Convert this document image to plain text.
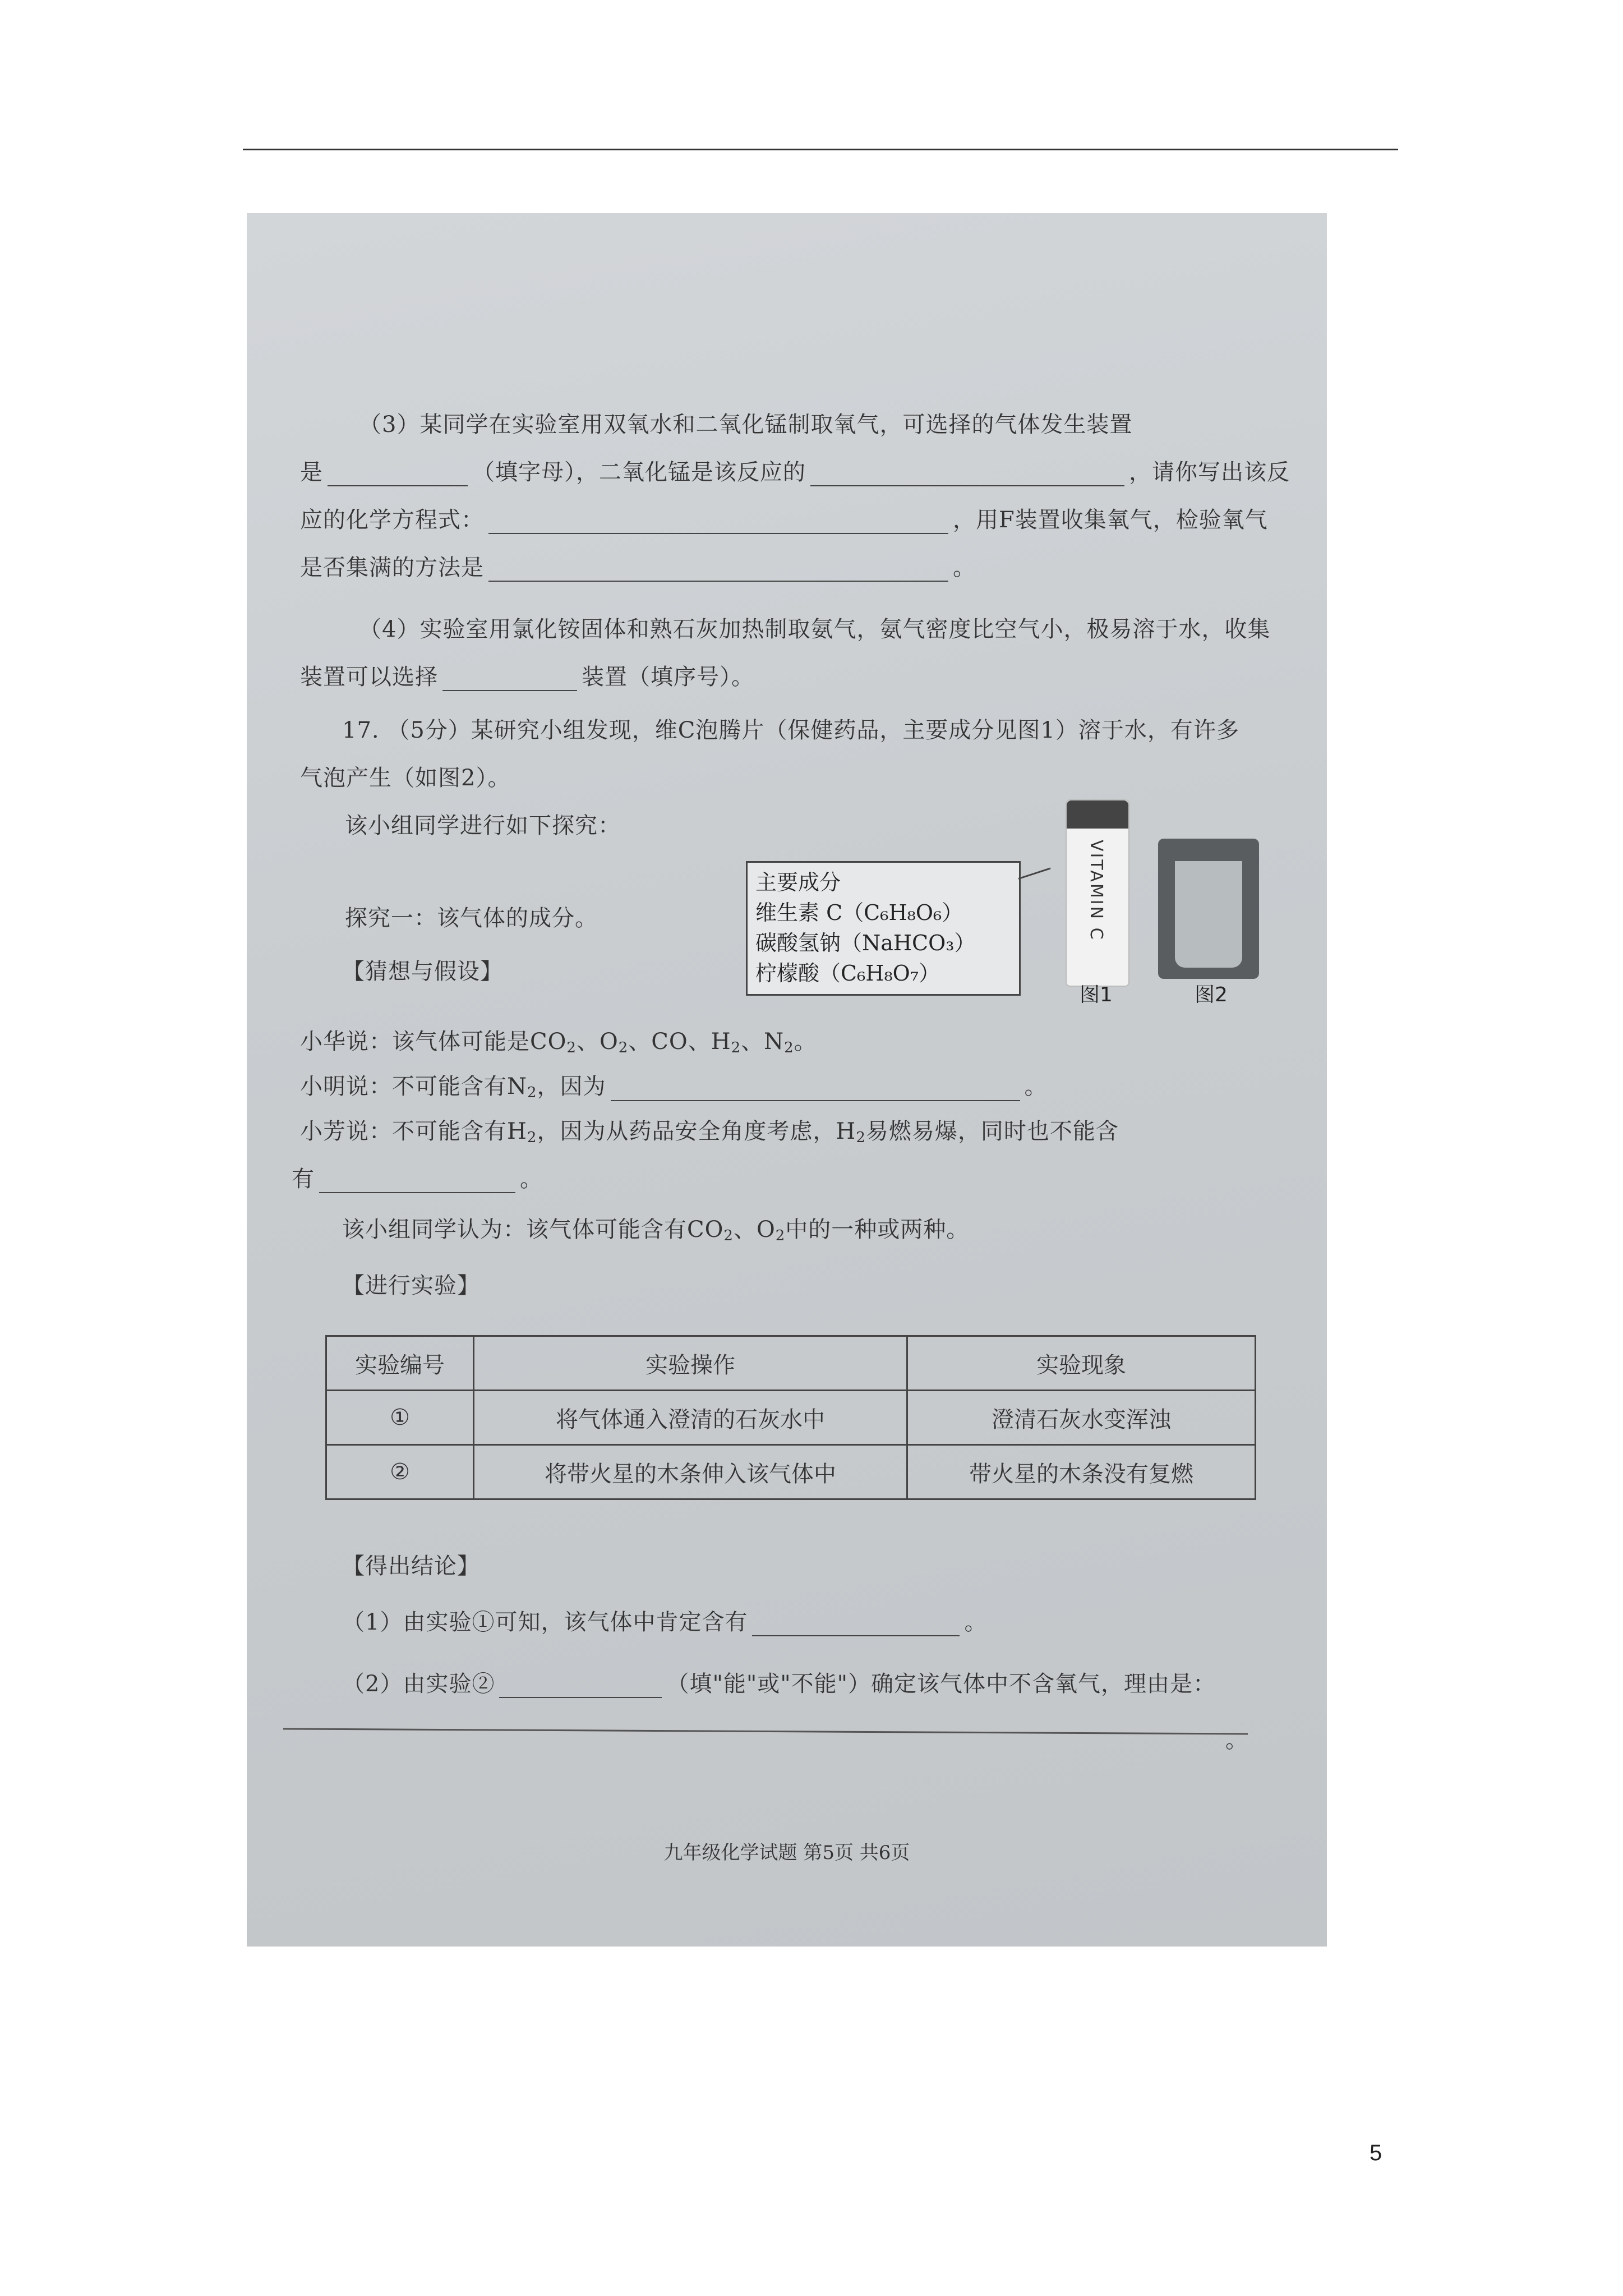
（3）某同学在实验室用双氧水和二氧化锰制取氧气，可选择的气体发生装置
是	（填字母），二氧化锰是该反应的	，请你写出该反
应的化学方程式：	，用F装置收集氧气，检验氧气
是否集满的方法是	。
（4）实验室用氯化铵固体和熟石灰加热制取氨气，氨气密度比空气小，极易溶于水，收集
装置可以选择	装置（填序号）。
17. （5分）某研究小组发现，维C泡腾片（保健药品，主要成分见图1）溶于水，有许多
气泡产生（如图2）。
该小组同学进行如下探究：
探究一：该气体的成分。
【猜想与假设】
主要成分
维生素 C（C₆H₈O₆）
碳酸氢钠（NaHCO₃）
柠檬酸（C₆H₈O₇）
VITAMIN C
图1	图2
小华说：该气体可能是$CO_2$、$O_2$、CO、$H_2$、$N_2$。
小明说：不可能含有$N_2$，因为	。
小芳说：不可能含有$H_2$，因为从药品安全角度考虑，$H_2$易燃易爆，同时也不能含
有	。
该小组同学认为：该气体可能含有$CO_2$、$O_2$中的一种或两种。
【进行实验】
实验编号	实验操作	实验现象
①	将气体通入澄清的石灰水中	澄清石灰水变浑浊
②	将带火星的木条伸入该气体中	带火星的木条没有复燃
【得出结论】
（1）由实验①可知，该气体中肯定含有	。
（2）由实验②	（填"能"或"不能"）确定该气体中不含氧气，理由是：
。
九年级化学试题 第5页 共6页
5
